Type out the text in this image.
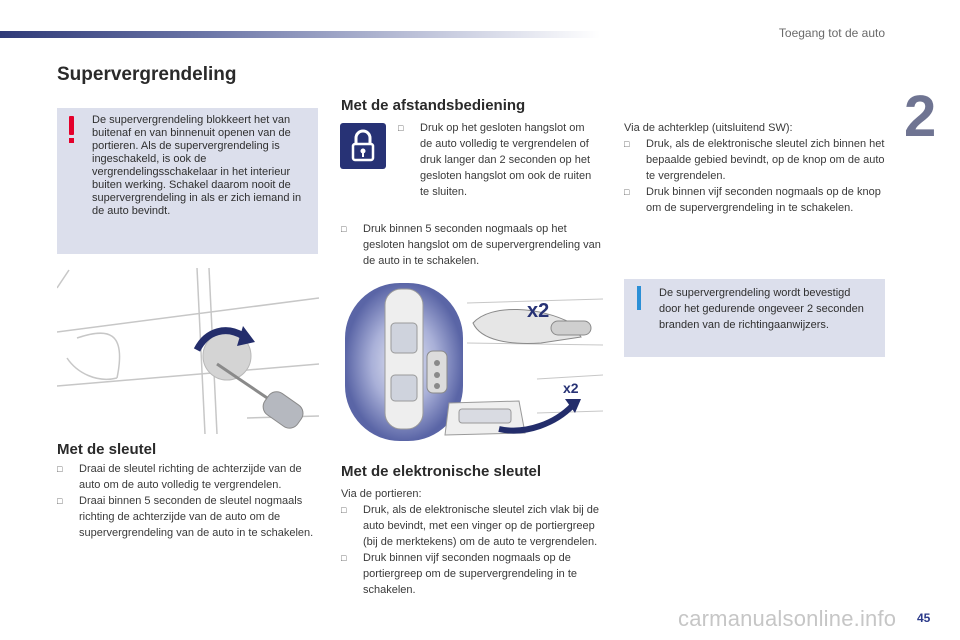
Toegang tot de auto
2
Supervergrendeling
De supervergrendeling blokkeert het van buitenaf en van binnenuit openen van de portieren. Als de supervergrendeling is ingeschakeld, is ook de vergrendelingsschakelaar in het interieur buiten werking. Schakel daarom nooit de supervergrendeling in als er zich iemand in de auto bevindt.
Met de sleutel
□ Draai de sleutel richting de achterzijde van de auto om de auto volledig te vergrendelen.
□ Draai binnen 5 seconden de sleutel nogmaals richting de achterzijde van de auto om de supervergrendeling van de auto in te schakelen.
Met de afstandsbediening
□ Druk op het gesloten hangslot om de auto volledig te vergrendelen of druk langer dan 2 seconden op het gesloten hangslot om ook de ruiten te sluiten.
□ Druk binnen 5 seconden nogmaals op het gesloten hangslot om de supervergrendeling van de auto in te schakelen.
x2
x2
Met de elektronische sleutel
Via de portieren:
□ Druk, als de elektronische sleutel zich vlak bij de auto bevindt, met een vinger op de portiergreep (bij de merktekens) om de auto te vergrendelen.
□ Druk binnen vijf seconden nogmaals op de portiergreep om de supervergrendeling in te schakelen.
Via de achterklep (uitsluitend SW):
□ Druk, als de elektronische sleutel zich binnen het bepaalde gebied bevindt, op de knop om de auto te vergrendelen.
□ Druk binnen vijf seconden nogmaals op de knop om de supervergrendeling in te schakelen.
De supervergrendeling wordt bevestigd door het gedurende ongeveer 2 seconden branden van de richtingaanwijzers.
45
carmanualsonline.info
